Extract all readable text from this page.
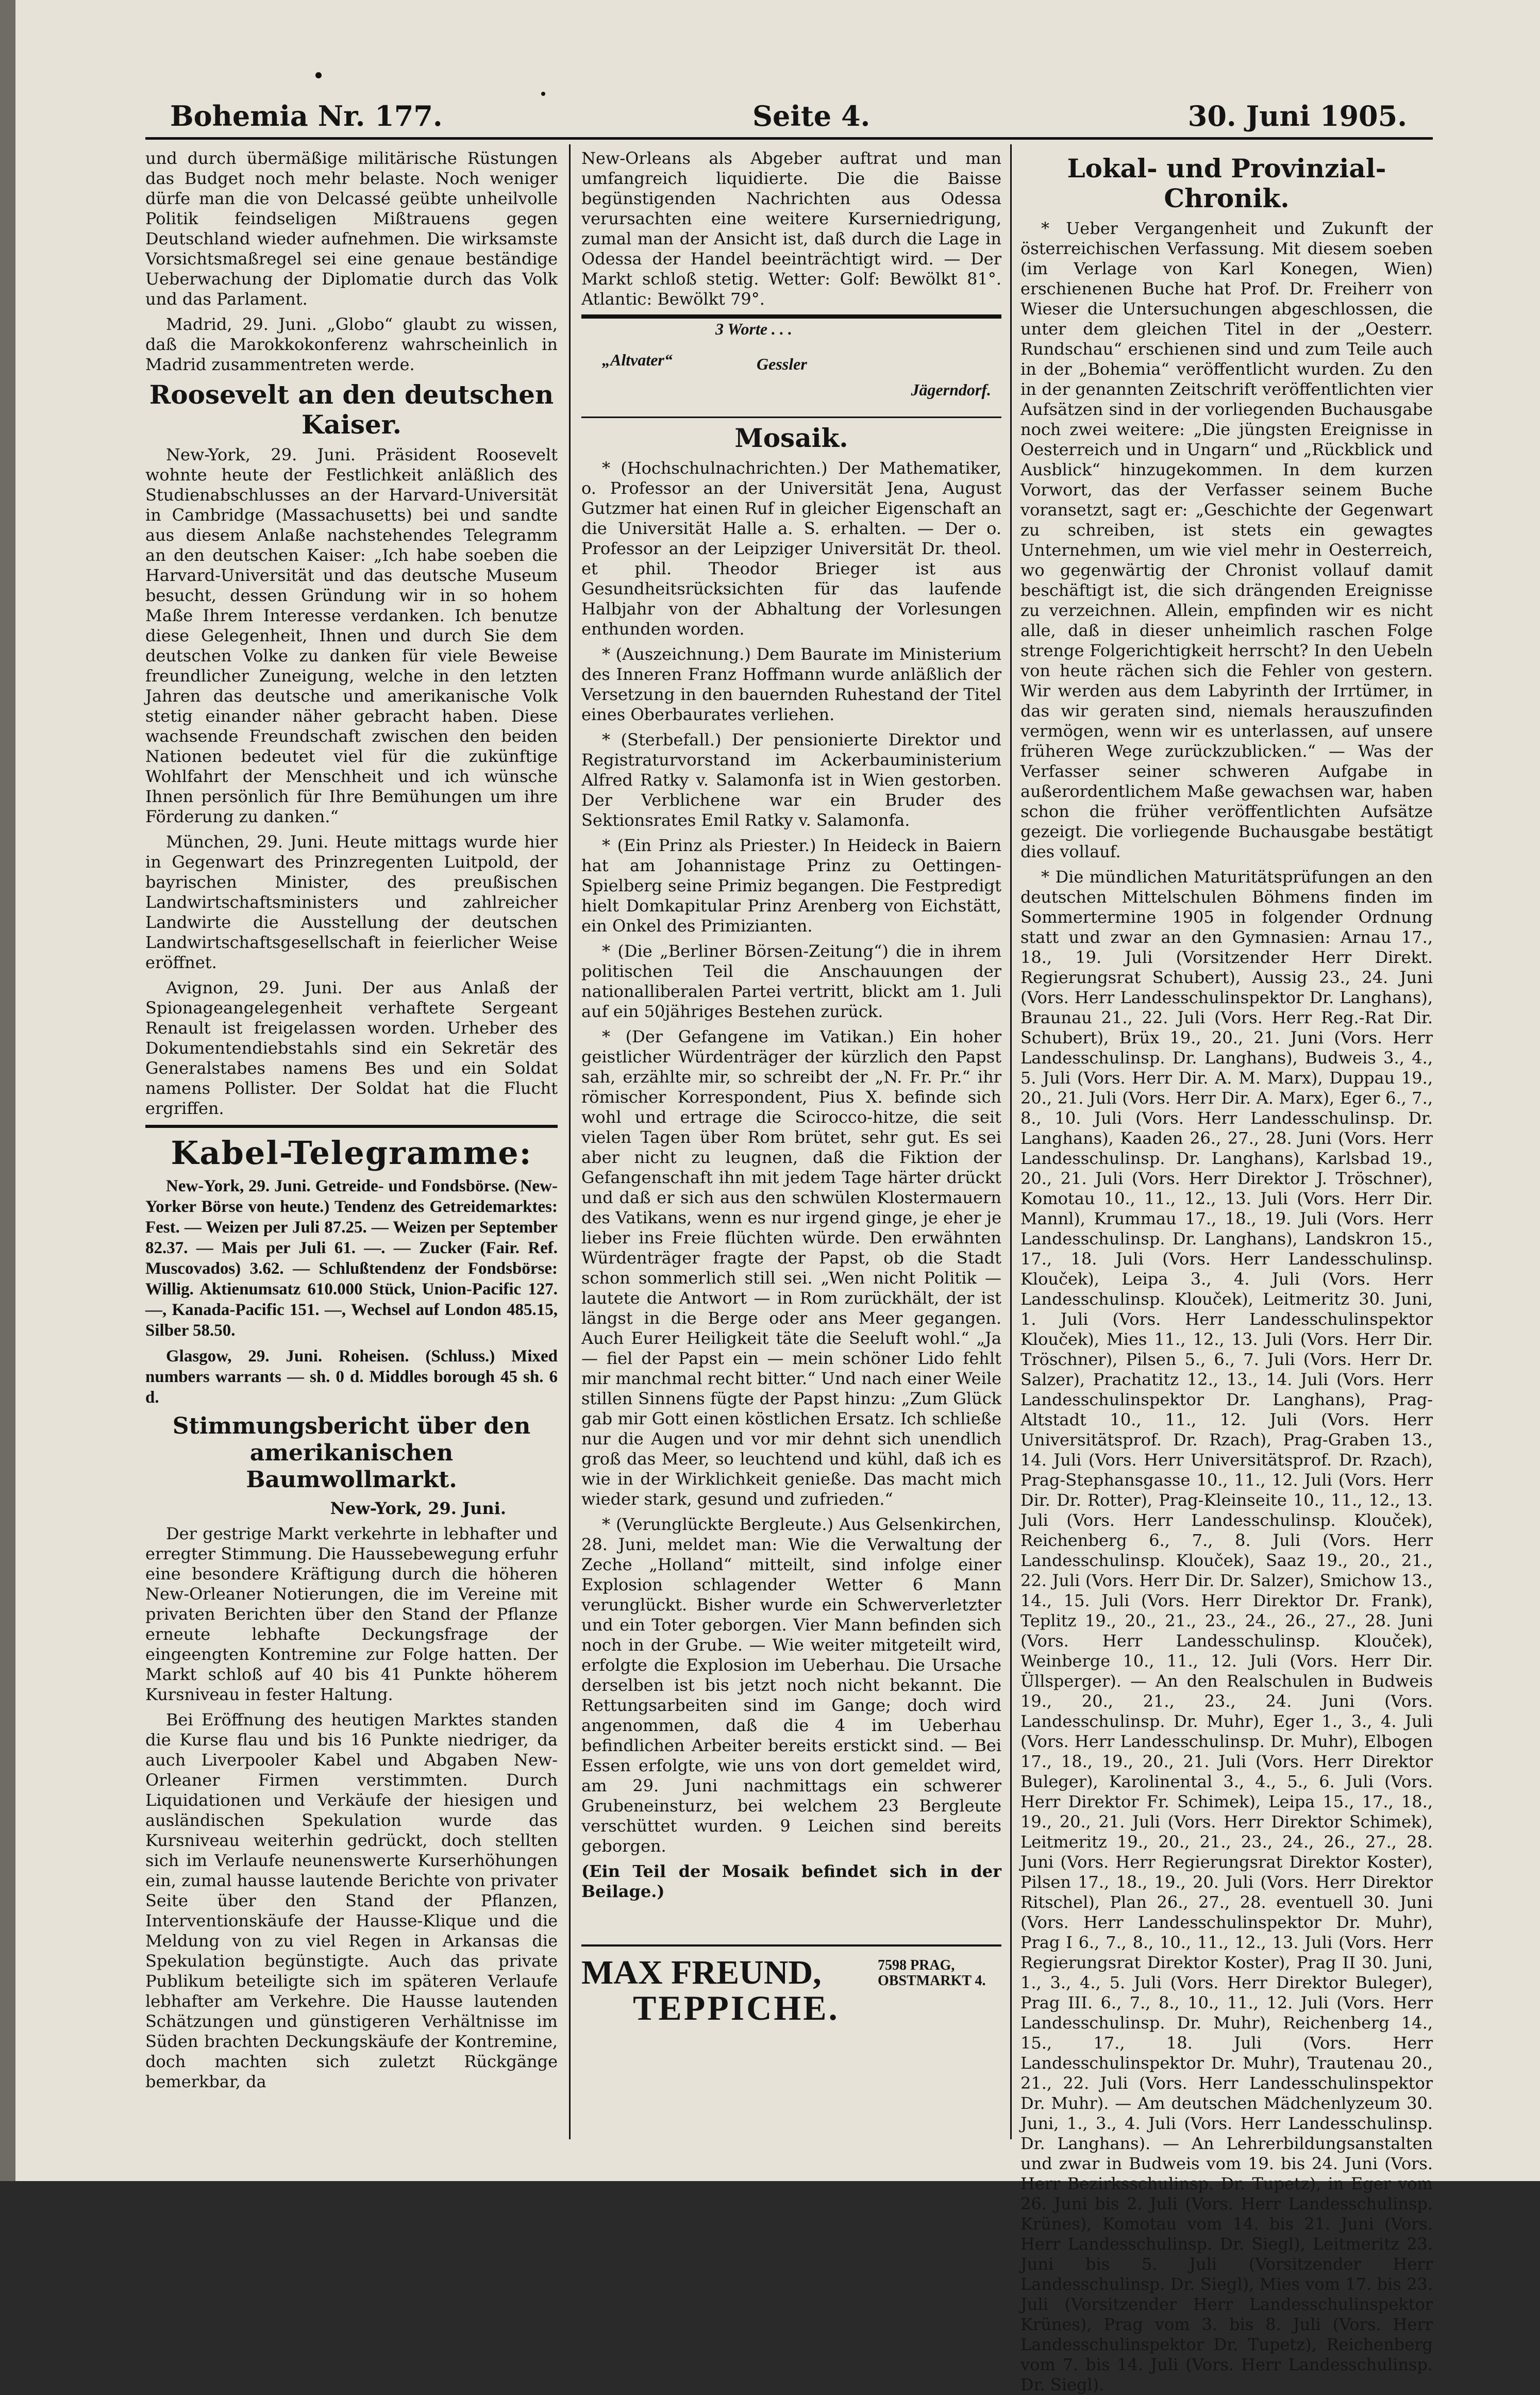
Bohemia Nr. 177.	Seite 4.	30. Juni 1905.

und durch übermäßige militärische Rüstungen das Budget noch mehr belaste. Noch weniger dürfe man die von Delcassé geübte unheilvolle Politik feindseligen Mißtrauens gegen Deutschland wieder aufnehmen. Die wirksamste Vorsichtsmaßregel sei eine genaue beständige Ueberwachung der Diplomatie durch das Volk und das Parlament.

Madrid, 29. Juni. „Globo“ glaubt zu wissen, daß die Marokkokonferenz wahrscheinlich in Madrid zusammentreten werde.

Roosevelt an den deutschen Kaiser.

New-York, 29. Juni. Präsident Roosevelt wohnte heute der Festlichkeit anläßlich des Studienabschlusses an der Harvard-Universität in Cambridge (Massachusetts) bei und sandte aus diesem Anlaße nachstehendes Telegramm an den deutschen Kaiser: „Ich habe soeben die Harvard-Universität und das deutsche Museum besucht, dessen Gründung wir in so hohem Maße Ihrem Interesse verdanken. Ich benutze diese Gelegenheit, Ihnen und durch Sie dem deutschen Volke zu danken für viele Beweise freundlicher Zuneigung, welche in den letzten Jahren das deutsche und amerikanische Volk stetig einander näher gebracht haben. Diese wachsende Freundschaft zwischen den beiden Nationen bedeutet viel für die zukünftige Wohlfahrt der Menschheit und ich wünsche Ihnen persönlich für Ihre Bemühungen um ihre Förderung zu danken.“

München, 29. Juni. Heute mittags wurde hier in Gegenwart des Prinzregenten Luitpold, der bayrischen Minister, des preußischen Landwirtschaftsministers und zahlreicher Landwirte die Ausstellung der deutschen Landwirtschaftsgesellschaft in feierlicher Weise eröffnet.

Avignon, 29. Juni. Der aus Anlaß der Spionageangelegenheit verhaftete Sergeant Renault ist freigelassen worden. Urheber des Dokumentendiebstahls sind ein Sekretär des Generalstabes namens Bes und ein Soldat namens Pollister. Der Soldat hat die Flucht ergriffen.

Kabel-Telegramme:

New-York, 29. Juni. Getreide- und Fondsbörse. (New-Yorker Börse von heute.) Tendenz des Getreidemarktes: Fest. — Weizen per Juli 87.25. — Weizen per September 82.37. — Mais per Juli 61. —. — Zucker (Fair. Ref. Muscovados) 3.62. — Schlußtendenz der Fondsbörse: Willig. Aktienumsatz 610.000 Stück, Union-Pacific 127. —, Kanada-Pacific 151. —, Wechsel auf London 485.15, Silber 58.50.

Glasgow, 29. Juni. Roheisen. (Schluss.) Mixed numbers warrants — sh. 0 d. Middles borough 45 sh. 6 d.

Stimmungsbericht über den amerikanischen Baumwollmarkt.

New-York, 29. Juni.

Der gestrige Markt verkehrte in lebhafter und erregter Stimmung. Die Haussebewegung erfuhr eine besondere Kräftigung durch die höheren New-Orleaner Notierungen, die im Vereine mit privaten Berichten über den Stand der Pflanze erneute lebhafte Deckungsfrage der eingeengten Kontremine zur Folge hatten. Der Markt schloß auf 40 bis 41 Punkte höherem Kursniveau in fester Haltung.

Bei Eröffnung des heutigen Marktes standen die Kurse flau und bis 16 Punkte niedriger, da auch Liverpooler Kabel und Abgaben New-Orleaner Firmen verstimmten. Durch Liquidationen und Verkäufe der hiesigen und ausländischen Spekulation wurde das Kursniveau weiterhin gedrückt, doch stellten sich im Verlaufe neunenswerte Kurserhöhungen ein, zumal hausse lautende Berichte von privater Seite über den Stand der Pflanzen, Interventionskäufe der Hausse-Klique und die Meldung von zu viel Regen in Arkansas die Spekulation begünstigte. Auch das private Publikum beteiligte sich im späteren Verlaufe lebhafter am Verkehre. Die Hausse lautenden Schätzungen und günstigeren Verhältnisse im Süden brachten Deckungskäufe der Kontremine, doch machten sich zuletzt Rückgänge bemerkbar, da

New-Orleans als Abgeber auftrat und man umfangreich liquidierte. Die die Baisse begünstigenden Nachrichten aus Odessa verursachten eine weitere Kurserniedrigung, zumal man der Ansicht ist, daß durch die Lage in Odessa der Handel beeinträchtigt wird. — Der Markt schloß stetig. Wetter: Golf: Bewölkt 81°. Atlantic: Bewölkt 79°.

3 Worte . . .
„Altvater“	Gessler
Jägerndorf.
Mosaik.

* (Hochschulnachrichten.) Der Mathematiker, o. Professor an der Universität Jena, August Gutzmer hat einen Ruf in gleicher Eigenschaft an die Universität Halle a. S. erhalten. — Der o. Professor an der Leipziger Universität Dr. theol. et phil. Theodor Brieger ist aus Gesundheitsrücksichten für das laufende Halbjahr von der Abhaltung der Vorlesungen enthunden worden.

* (Auszeichnung.) Dem Baurate im Ministerium des Inneren Franz Hoffmann wurde anläßlich der Versetzung in den bauernden Ruhestand der Titel eines Oberbaurates verliehen.

* (Sterbefall.) Der pensionierte Direktor und Registraturvorstand im Ackerbauministerium Alfred Ratky v. Salamonfa ist in Wien gestorben. Der Verblichene war ein Bruder des Sektionsrates Emil Ratky v. Salamonfa.

* (Ein Prinz als Priester.) In Heideck in Baiern hat am Johannistage Prinz zu Oettingen-Spielberg seine Primiz begangen. Die Festpredigt hielt Domkapitular Prinz Arenberg von Eichstätt, ein Onkel des Primizianten.

* (Die „Berliner Börsen-Zeitung“) die in ihrem politischen Teil die Anschauungen der nationalliberalen Partei vertritt, blickt am 1. Juli auf ein 50jähriges Bestehen zurück.

* (Der Gefangene im Vatikan.) Ein hoher geistlicher Würdenträger der kürzlich den Papst sah, erzählte mir, so schreibt der „N. Fr. Pr.“ ihr römischer Korrespondent, Pius X. befinde sich wohl und ertrage die Scirocco-hitze, die seit vielen Tagen über Rom brütet, sehr gut. Es sei aber nicht zu leugnen, daß die Fiktion der Gefangenschaft ihn mit jedem Tage härter drückt und daß er sich aus den schwülen Klostermauern des Vatikans, wenn es nur irgend ginge, je eher je lieber ins Freie flüchten würde. Den erwähnten Würdenträger fragte der Papst, ob die Stadt schon sommerlich still sei. „Wen nicht Politik — lautete die Antwort — in Rom zurückhält, der ist längst in die Berge oder ans Meer gegangen. Auch Eurer Heiligkeit täte die Seeluft wohl.“ „Ja — fiel der Papst ein — mein schöner Lido fehlt mir manchmal recht bitter.“ Und nach einer Weile stillen Sinnens fügte der Papst hinzu: „Zum Glück gab mir Gott einen köstlichen Ersatz. Ich schließe nur die Augen und vor mir dehnt sich unendlich groß das Meer, so leuchtend und kühl, daß ich es wie in der Wirklichkeit genieße. Das macht mich wieder stark, gesund und zufrieden.“

* (Verunglückte Bergleute.) Aus Gelsenkirchen, 28. Juni, meldet man: Wie die Verwaltung der Zeche „Holland“ mitteilt, sind infolge einer Explosion schlagender Wetter 6 Mann verunglückt. Bisher wurde ein Schwerverletzter und ein Toter geborgen. Vier Mann befinden sich noch in der Grube. — Wie weiter mitgeteilt wird, erfolgte die Explosion im Ueberhau. Die Ursache derselben ist bis jetzt noch nicht bekannt. Die Rettungsarbeiten sind im Gange; doch wird angenommen, daß die 4 im Ueberhau befindlichen Arbeiter bereits erstickt sind. — Bei Essen erfolgte, wie uns von dort gemeldet wird, am 29. Juni nachmittags ein schwerer Grubeneinsturz, bei welchem 23 Bergleute verschüttet wurden. 9 Leichen sind bereits geborgen.

(Ein Teil der Mosaik befindet sich in der Beilage.)

MAX FREUND,	7598 PRAG,
OBSTMARKT 4.
TEPPICHE.
Lokal- und Provinzial-Chronik.

* Ueber Vergangenheit und Zukunft der österreichischen Verfassung. Mit diesem soeben (im Verlage von Karl Konegen, Wien) erschienenen Buche hat Prof. Dr. Freiherr von Wieser die Untersuchungen abgeschlossen, die unter dem gleichen Titel in der „Oesterr. Rundschau“ erschienen sind und zum Teile auch in der „Bohemia“ veröffentlicht wurden. Zu den in der genannten Zeitschrift veröffentlichten vier Aufsätzen sind in der vorliegenden Buchausgabe noch zwei weitere: „Die jüngsten Ereignisse in Oesterreich und in Ungarn“ und „Rückblick und Ausblick“ hinzugekommen. In dem kurzen Vorwort, das der Verfasser seinem Buche voransetzt, sagt er: „Geschichte der Gegenwart zu schreiben, ist stets ein gewagtes Unternehmen, um wie viel mehr in Oesterreich, wo gegenwärtig der Chronist vollauf damit beschäftigt ist, die sich drängenden Ereignisse zu verzeichnen. Allein, empfinden wir es nicht alle, daß in dieser unheimlich raschen Folge strenge Folgerichtigkeit herrscht? In den Uebeln von heute rächen sich die Fehler von gestern. Wir werden aus dem Labyrinth der Irrtümer, in das wir geraten sind, niemals herauszufinden vermögen, wenn wir es unterlassen, auf unsere früheren Wege zurückzublicken.“ — Was der Verfasser seiner schweren Aufgabe in außerordentlichem Maße gewachsen war, haben schon die früher veröffentlichten Aufsätze gezeigt. Die vorliegende Buchausgabe bestätigt dies vollauf.

* Die mündlichen Maturitätsprüfungen an den deutschen Mittelschulen Böhmens finden im Sommertermine 1905 in folgender Ordnung statt und zwar an den Gymnasien: Arnau 17., 18., 19. Juli (Vorsitzender Herr Direkt. Regierungsrat Schubert), Aussig 23., 24. Juni (Vors. Herr Landesschulinspektor Dr. Langhans), Braunau 21., 22. Juli (Vors. Herr Reg.-Rat Dir. Schubert), Brüx 19., 20., 21. Juni (Vors. Herr Landesschulinsp. Dr. Langhans), Budweis 3., 4., 5. Juli (Vors. Herr Dir. A. M. Marx), Duppau 19., 20., 21. Juli (Vors. Herr Dir. A. Marx), Eger 6., 7., 8., 10. Juli (Vors. Herr Landesschulinsp. Dr. Langhans), Kaaden 26., 27., 28. Juni (Vors. Herr Landesschulinsp. Dr. Langhans), Karlsbad 19., 20., 21. Juli (Vors. Herr Direktor J. Tröschner), Komotau 10., 11., 12., 13. Juli (Vors. Herr Dir. Mannl), Krummau 17., 18., 19. Juli (Vors. Herr Landesschulinsp. Dr. Langhans), Landskron 15., 17., 18. Juli (Vors. Herr Landesschulinsp. Klouček), Leipa 3., 4. Juli (Vors. Herr Landesschulinsp. Klouček), Leitmeritz 30. Juni, 1. Juli (Vors. Herr Landesschulinspektor Klouček), Mies 11., 12., 13. Juli (Vors. Herr Dir. Tröschner), Pilsen 5., 6., 7. Juli (Vors. Herr Dr. Salzer), Prachatitz 12., 13., 14. Juli (Vors. Herr Landesschulinspektor Dr. Langhans), Prag-Altstadt 10., 11., 12. Juli (Vors. Herr Universitätsprof. Dr. Rzach), Prag-Graben 13., 14. Juli (Vors. Herr Universitätsprof. Dr. Rzach), Prag-Stephansgasse 10., 11., 12. Juli (Vors. Herr Dir. Dr. Rotter), Prag-Kleinseite 10., 11., 12., 13. Juli (Vors. Herr Landesschulinsp. Klouček), Reichenberg 6., 7., 8. Juli (Vors. Herr Landesschulinsp. Klouček), Saaz 19., 20., 21., 22. Juli (Vors. Herr Dir. Dr. Salzer), Smichow 13., 14., 15. Juli (Vors. Herr Direktor Dr. Frank), Teplitz 19., 20., 21., 23., 24., 26., 27., 28. Juni (Vors. Herr Landesschulinsp. Klouček), Weinberge 10., 11., 12. Juli (Vors. Herr Dir. Üllsperger). — An den Realschulen in Budweis 19., 20., 21., 23., 24. Juni (Vors. Landesschulinsp. Dr. Muhr), Eger 1., 3., 4. Juli (Vors. Herr Landesschulinsp. Dr. Muhr), Elbogen 17., 18., 19., 20., 21. Juli (Vors. Herr Direktor Buleger), Karolinental 3., 4., 5., 6. Juli (Vors. Herr Direktor Fr. Schimek), Leipa 15., 17., 18., 19., 20., 21. Juli (Vors. Herr Direktor Schimek), Leitmeritz 19., 20., 21., 23., 24., 26., 27., 28. Juni (Vors. Herr Regierungsrat Direktor Koster), Pilsen 17., 18., 19., 20. Juli (Vors. Herr Direktor Ritschel), Plan 26., 27., 28. eventuell 30. Juni (Vors. Herr Landesschulinspektor Dr. Muhr), Prag I 6., 7., 8., 10., 11., 12., 13. Juli (Vors. Herr Regierungsrat Direktor Koster), Prag II 30. Juni, 1., 3., 4., 5. Juli (Vors. Herr Direktor Buleger), Prag III. 6., 7., 8., 10., 11., 12. Juli (Vors. Herr Landesschulinsp. Dr. Muhr), Reichenberg 14., 15., 17., 18. Juli (Vors. Herr Landesschulinspektor Dr. Muhr), Trautenau 20., 21., 22. Juli (Vors. Herr Landesschulinspektor Dr. Muhr). — Am deutschen Mädchenlyzeum 30. Juni, 1., 3., 4. Juli (Vors. Herr Landesschulinsp. Dr. Langhans). — An Lehrerbildungsanstalten und zwar in Budweis vom 19. bis 24. Juni (Vors. Herr Bezirksschulinsp. Dr. Tupetz), in Eger vom 26. Juni bis 2. Juli (Vors. Herr Landesschulinsp. Krünes), Komotau vom 14. bis 21. Juni (Vors. Herr Landesschulinsp. Dr. Siegl), Leitmeritz 23. Juni bis 5. Juli (Vorsitzender Herr Landesschulinsp. Dr. Siegl), Mies vom 17. bis 23. Juli (Vorsitzender Herr Landesschulinspektor Krünes), Prag vom 3. bis 8. Juli (Vors. Herr Landesschulinspektor Dr. Tupetz), Reichenberg vom 7. bis 14. Juli (Vors. Herr Landesschulinsp. Dr. Siegl).
